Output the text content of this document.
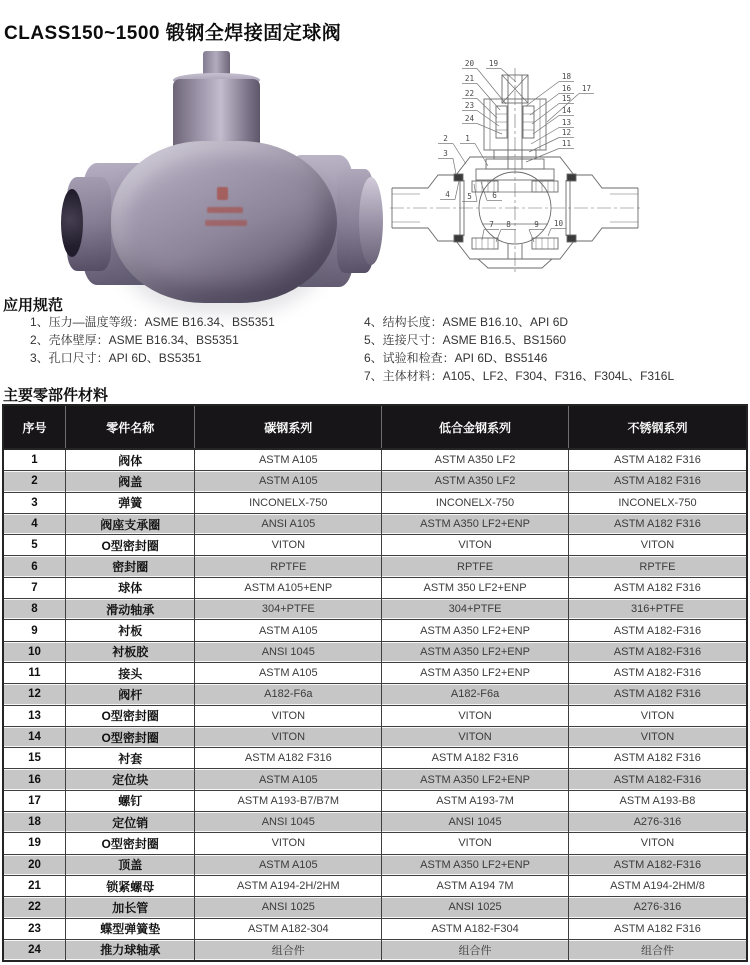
CLASS150~1500 锻钢全焊接固定球阀
20 19
21
22
23
24
18
16 17
15
14
13
12
11
2 1
3
4 5	6
7 8	9 10
应用规范
1、压力—温度等级：ASME B16.34、BS5351
2、壳体壁厚：ASME B16.34、BS5351
3、孔口尺寸：API 6D、BS5351
4、结构长度：ASME B16.10、API 6D
5、连接尺寸：ASME B16.5、BS1560
6、试验和检查：API 6D、BS5146
7、主体材料：A105、LF2、F304、F316、F304L、F316L
主要零部件材料
序号	零件名称	碳钢系列	低合金钢系列	不锈钢系列
1	阀体	ASTM A105	ASTM A350 LF2	ASTM A182 F316
2	阀盖	ASTM A105	ASTM A350 LF2	ASTM A182 F316
3	弹簧	INCONELX-750	INCONELX-750	INCONELX-750
4	阀座支承圈	ANSI A105	ASTM A350 LF2+ENP	ASTM A182 F316
5	O型密封圈	VITON	VITON	VITON
6	密封圈	RPTFE	RPTFE	RPTFE
7	球体	ASTM A105+ENP	ASTM 350 LF2+ENP	ASTM A182 F316
8	滑动轴承	304+PTFE	304+PTFE	316+PTFE
9	衬板	ASTM A105	ASTM A350 LF2+ENP	ASTM A182-F316
10	衬板胶	ANSI 1045	ASTM A350 LF2+ENP	ASTM A182-F316
11	接头	ASTM A105	ASTM A350 LF2+ENP	ASTM A182-F316
12	阀杆	A182-F6a	A182-F6a	ASTM A182 F316
13	O型密封圈	VITON	VITON	VITON
14	O型密封圈	VITON	VITON	VITON
15	衬套	ASTM A182 F316	ASTM A182 F316	ASTM A182 F316
16	定位块	ASTM A105	ASTM A350 LF2+ENP	ASTM A182-F316
17	螺钉	ASTM A193-B7/B7M	ASTM A193-7M	ASTM A193-B8
18	定位销	ANSI 1045	ANSI 1045	A276-316
19	O型密封圈	VITON	VITON	VITON
20	顶盖	ASTM A105	ASTM A350 LF2+ENP	ASTM A182-F316
21	锁紧螺母	ASTM A194-2H/2HM	ASTM A194 7M	ASTM A194-2HM/8
22	加长管	ANSI 1025	ANSI 1025	A276-316
23	蝶型弹簧垫	ASTM A182-304	ASTM A182-F304	ASTM A182 F316
24	推力球轴承	组合件	组合件	组合件
